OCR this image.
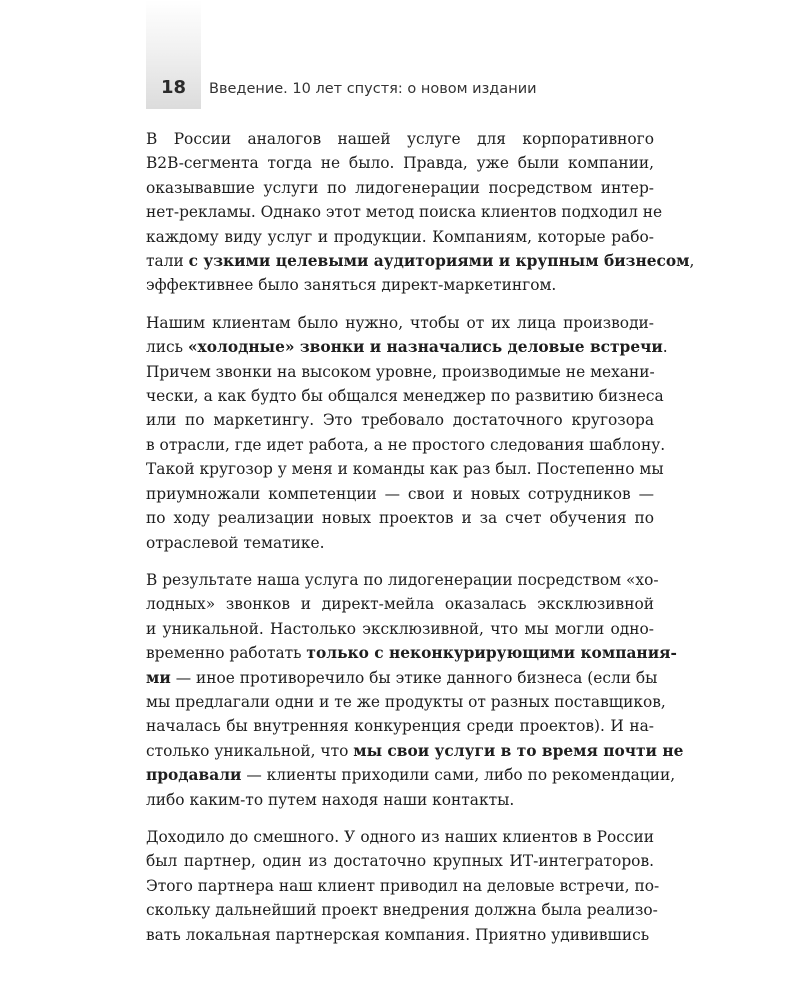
18	Введение. 10 лет спустя: о новом издании

В России аналогов нашей услуге для корпоративного
B2B-сегмента тогда не было. Правда, уже были компании,
оказывавшие услуги по лидогенерации посредством интер-
нет-рекламы. Однако этот метод поиска клиентов подходил не
каждому виду услуг и продукции. Компаниям, которые рабо-
тали с узкими целевыми аудиториями и крупным бизнесом,
эффективнее было заняться директ-маркетингом.

Нашим клиентам было нужно, чтобы от их лица производи-
лись «холодные» звонки и назначались деловые встречи.
Причем звонки на высоком уровне, производимые не механи-
чески, а как будто бы общался менеджер по развитию бизнеса
или по маркетингу. Это требовало достаточного кругозора
в отрасли, где идет работа, а не простого следования шаблону.
Такой кругозор у меня и команды как раз был. Постепенно мы
приумножали компетенции — свои и новых сотрудников —
по ходу реализации новых проектов и за счет обучения по
отраслевой тематике.

В результате наша услуга по лидогенерации посредством «хо-
лодных» звонков и директ-мейла оказалась эксклюзивной
и уникальной. Настолько эксклюзивной, что мы могли одно-
временно работать только с неконкурирующими компания-
ми — иное противоречило бы этике данного бизнеса (если бы
мы предлагали одни и те же продукты от разных поставщиков,
началась бы внутренняя конкуренция среди проектов). И на-
столько уникальной, что мы свои услуги в то время почти не
продавали — клиенты приходили сами, либо по рекомендации,
либо каким-то путем находя наши контакты.

Доходило до смешного. У одного из наших клиентов в России
был партнер, один из достаточно крупных ИТ-интеграторов.
Этого партнера наш клиент приводил на деловые встречи, по-
скольку дальнейший проект внедрения должна была реализо-
вать локальная партнерская компания. Приятно удивившись
